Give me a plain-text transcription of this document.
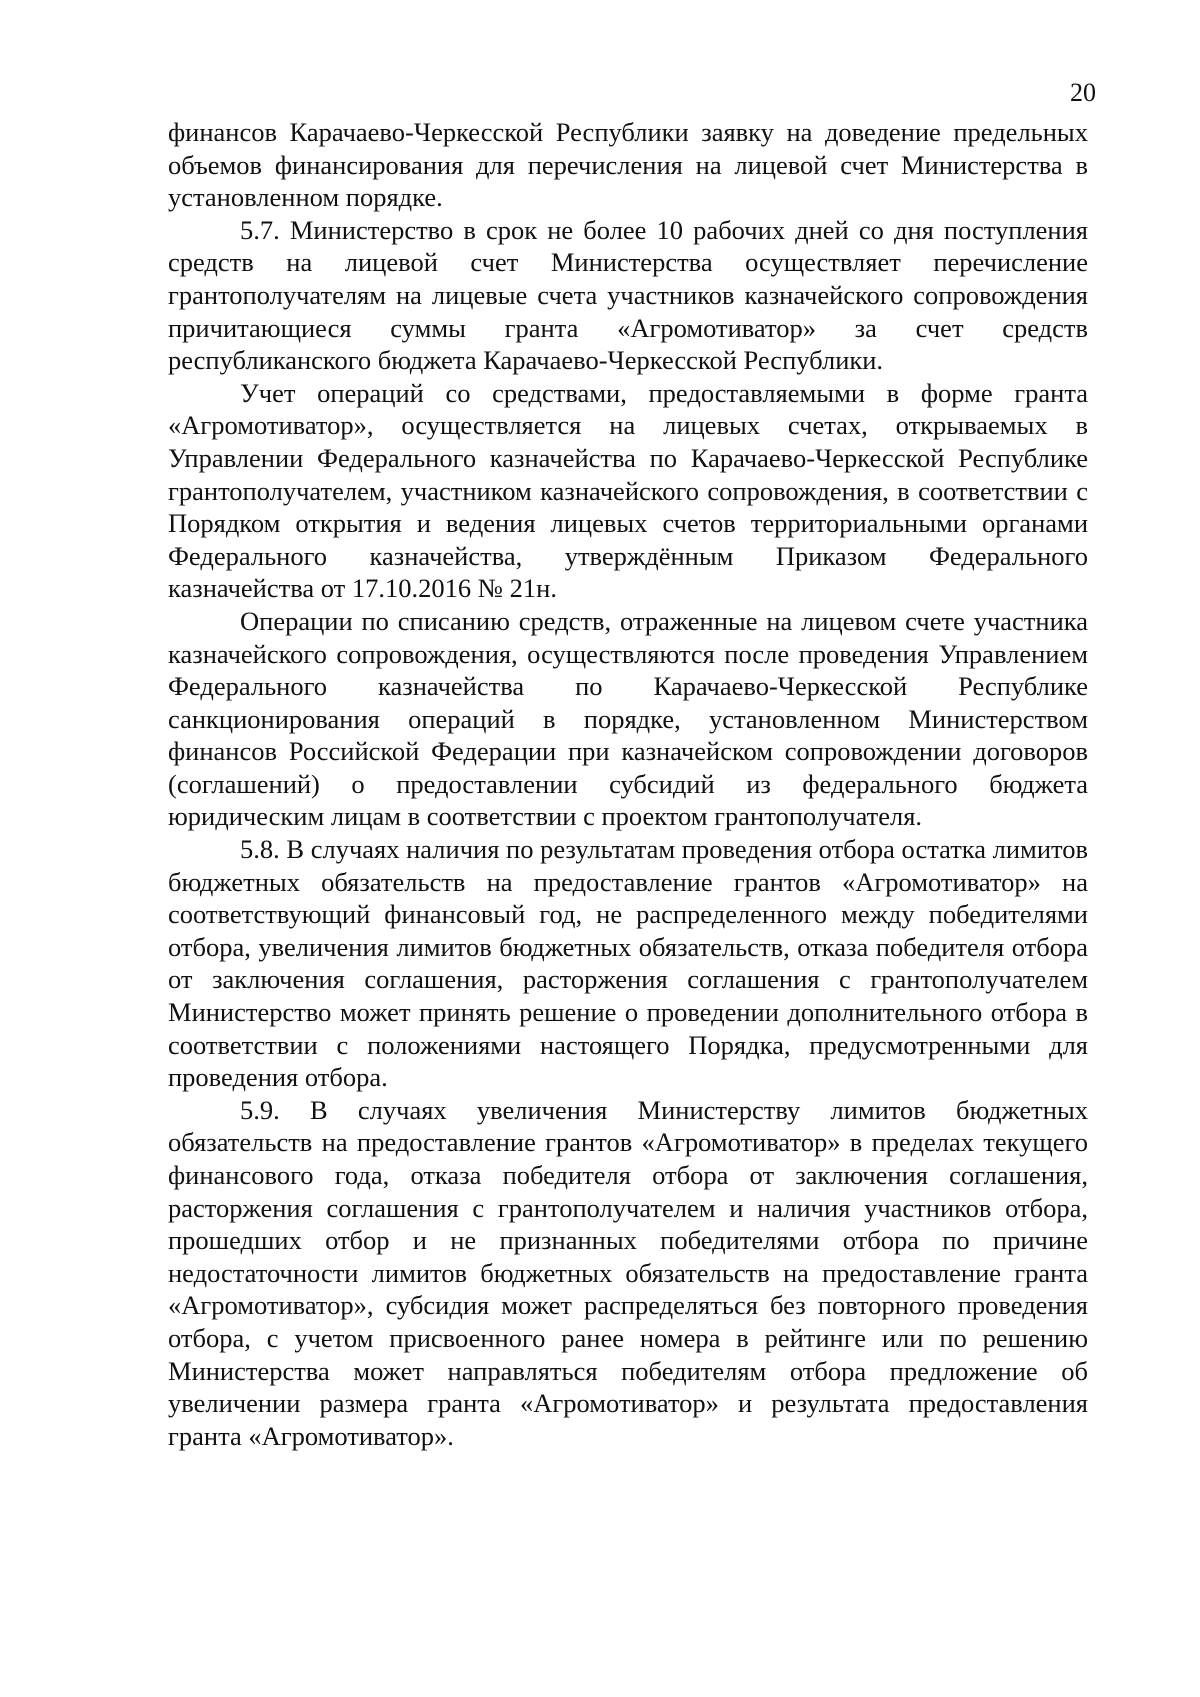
20

финансов Карачаево-Черкесской Республики заявку на доведение предельных объемов финансирования для перечисления на лицевой счет Министерства в установленном порядке.

5.7. Министерство в срок не более 10 рабочих дней со дня поступления средств на лицевой счет Министерства осуществляет перечисление грантополучателям на лицевые счета участников казначейского сопровождения причитающиеся суммы гранта «Агромотиватор» за счет средств республиканского бюджета Карачаево-Черкесской Республики.

Учет операций со средствами, предоставляемыми в форме гранта «Агромотиватор», осуществляется на лицевых счетах, открываемых в Управлении Федерального казначейства по Карачаево-Черкесской Республике грантополучателем, участником казначейского сопровождения, в соответствии с Порядком открытия и ведения лицевых счетов территориальными органами Федерального казначейства, утверждённым Приказом Федерального казначейства от 17.10.2016 № 21н.

Операции по списанию средств, отраженные на лицевом счете участника казначейского сопровождения, осуществляются после проведения Управлением Федерального казначейства по Карачаево-Черкесской Республике санкционирования операций в порядке, установленном Министерством финансов Российской Федерации при казначейском сопровождении договоров (соглашений) о предоставлении субсидий из федерального бюджета юридическим лицам в соответствии с проектом грантополучателя.

5.8. В случаях наличия по результатам проведения отбора остатка лимитов бюджетных обязательств на предоставление грантов «Агромотиватор» на соответствующий финансовый год, не распределенного между победителями отбора, увеличения лимитов бюджетных обязательств, отказа победителя отбора от заключения соглашения, расторжения соглашения с грантополучателем Министерство может принять решение о проведении дополнительного отбора в соответствии с положениями настоящего Порядка, предусмотренными для проведения отбора.

5.9. В случаях увеличения Министерству лимитов бюджетных обязательств на предоставление грантов «Агромотиватор» в пределах текущего финансового года, отказа победителя отбора от заключения соглашения, расторжения соглашения с грантополучателем и наличия участников отбора, прошедших отбор и не признанных победителями отбора по причине недостаточности лимитов бюджетных обязательств на предоставление гранта «Агромотиватор», субсидия может распределяться без повторного проведения отбора, с учетом присвоенного ранее номера в рейтинге или по решению Министерства может направляться победителям отбора предложение об увеличении размера гранта «Агромотиватор» и результата предоставления гранта «Агромотиватор».
